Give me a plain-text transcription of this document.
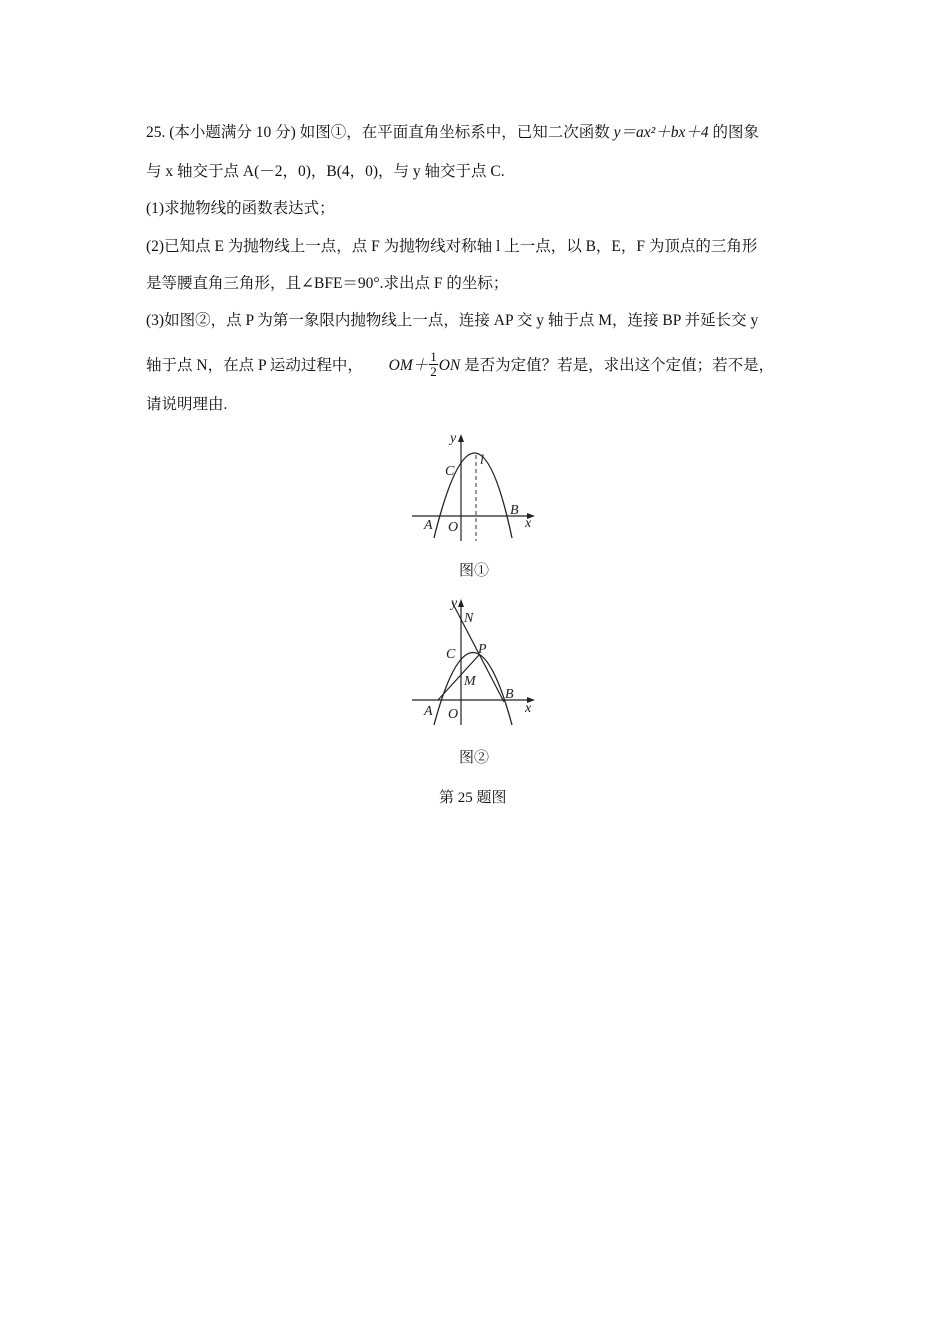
25. (本小题满分 10 分) 如图①，在平面直角坐标系中，已知二次函数 y＝ax²＋bx＋4 的图象
与 x 轴交于点 A(－2，0)，B(4，0)，与 y 轴交于点 C.
(1)求抛物线的函数表达式；
(2)已知点 E 为抛物线上一点，点 F 为抛物线对称轴 l 上一点，以 B，E，F 为顶点的三角形
是等腰直角三角形，且∠BFE＝90°.求出点 F 的坐标；
(3)如图②，点 P 为第一象限内抛物线上一点，连接 AP 交 y 轴于点 M，连接 BP 并延长交 y
轴于点 N，在点 P 运动过程中， $OM+ \frac{1}{2}$ ON 是否为定值？若是，求出这个定值；若不是，
请说明理由.
y
l
C
B
x
A O
图①
y
N
C P
M
B
x
A O
图②
第 25 题图
